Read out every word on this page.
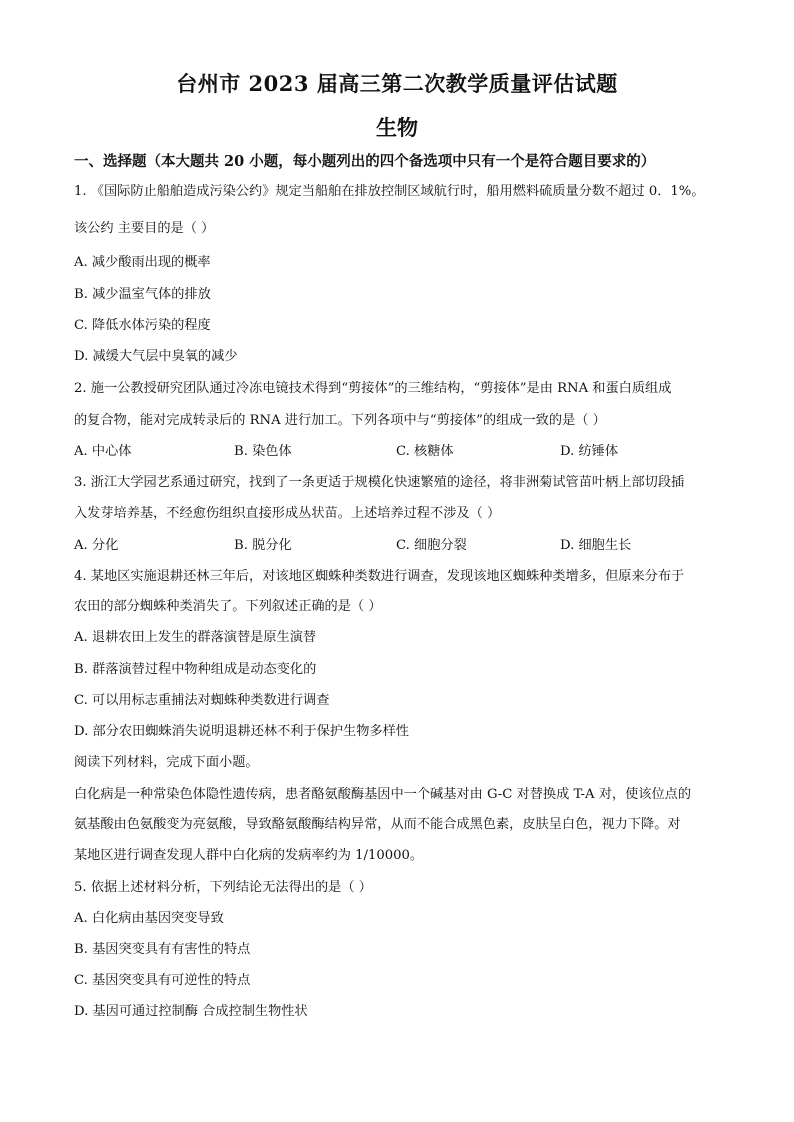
台州市 2023 届高三第二次教学质量评估试题
生物
一、选择题（本大题共 20 小题，每小题列出的四个备选项中只有一个是符合题目要求的）
1. 《国际防止船舶造成污染公约》规定当船舶在排放控制区域航行时，船用燃料硫质量分数不超过 0．1%。
该公约 主要目的是（ ）
A. 减少酸雨出现的概率
B. 减少温室气体的排放
C. 降低水体污染的程度
D. 减缓大气层中臭氧的减少
2. 施一公教授研究团队通过冷冻电镜技术得到“剪接体”的三维结构，“剪接体”是由 RNA 和蛋白质组成
的复合物，能对完成转录后的 RNA 进行加工。下列各项中与“剪接体”的组成一致的是（ ）
A. 中心体	B. 染色体	C. 核糖体	D. 纺锤体
3. 浙江大学园艺系通过研究，找到了一条更适于规模化快速繁殖的途径，将非洲菊试管苗叶柄上部切段插
入发芽培养基，不经愈伤组织直接形成丛状苗。上述培养过程不涉及（ ）
A. 分化	B. 脱分化	C. 细胞分裂	D. 细胞生长
4. 某地区实施退耕还林三年后，对该地区蜘蛛种类数进行调查，发现该地区蜘蛛种类增多，但原来分布于
农田的部分蜘蛛种类消失了。下列叙述正确的是（ ）
A. 退耕农田上发生的群落演替是原生演替
B. 群落演替过程中物种组成是动态变化的
C. 可以用标志重捕法对蜘蛛种类数进行调查
D. 部分农田蜘蛛消失说明退耕还林不利于保护生物多样性
阅读下列材料，完成下面小题。
白化病是一种常染色体隐性遗传病，患者酪氨酸酶基因中一个碱基对由 G-C 对替换成 T-A 对，使该位点的
氨基酸由色氨酸变为亮氨酸，导致酪氨酸酶结构异常，从而不能合成黑色素，皮肤呈白色，视力下降。对
某地区进行调查发现人群中白化病的发病率约为 1/10000。
5. 依据上述材料分析，下列结论无法得出的是（ ）
A. 白化病由基因突变导致
B. 基因突变具有有害性的特点
C. 基因突变具有可逆性的特点
D. 基因可通过控制酶 合成控制生物性状
